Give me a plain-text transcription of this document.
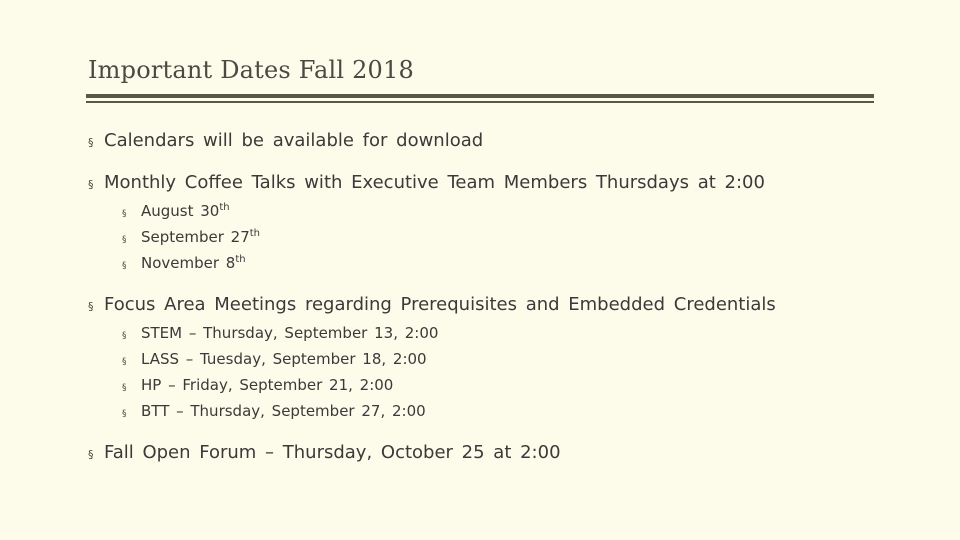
Important Dates Fall 2018
§ Calendars will be available for download
§ Monthly Coffee Talks with Executive Team Members Thursdays at 2:00
§ August 30th
§ September 27th
§ November 8th
§ Focus Area Meetings regarding Prerequisites and Embedded Credentials
§ STEM – Thursday, September 13, 2:00
§ LASS – Tuesday, September 18, 2:00
§ HP – Friday, September 21, 2:00
§ BTT – Thursday, September 27, 2:00
§ Fall Open Forum – Thursday, October 25 at 2:00
